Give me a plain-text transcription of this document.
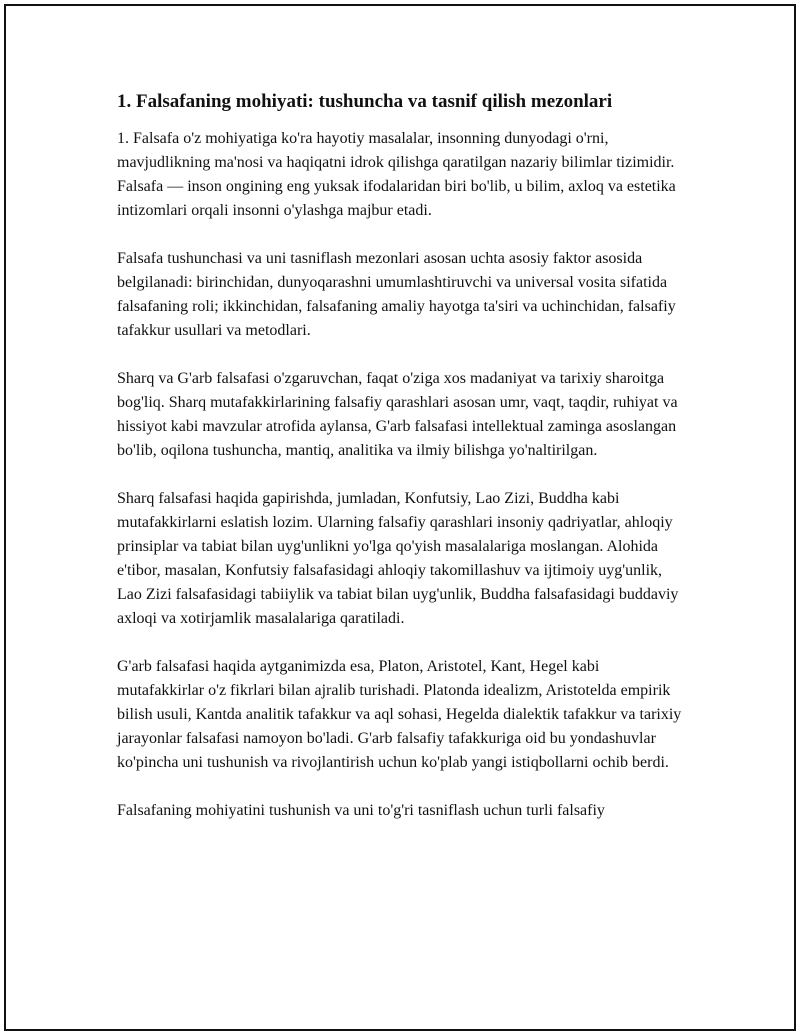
1. Falsafaning mohiyati: tushuncha va tasnif qilish mezonlari

1. Falsafa o'z mohiyatiga ko'ra hayotiy masalalar, insonning dunyodagi o'rni, mavjudlikning ma'nosi va haqiqatni idrok qilishga qaratilgan nazariy bilimlar tizimidir. Falsafa — inson ongining eng yuksak ifodalaridan biri bo'lib, u bilim, axloq va estetika intizomlari orqali insonni o'ylashga majbur etadi.

Falsafa tushunchasi va uni tasniflash mezonlari asosan uchta asosiy faktor asosida belgilanadi: birinchidan, dunyoqarashni umumlashtiruvchi va universal vosita sifatida falsafaning roli; ikkinchidan, falsafaning amaliy hayotga ta'siri va uchinchidan, falsafiy tafakkur usullari va metodlari.

Sharq va G'arb falsafasi o'zgaruvchan, faqat o'ziga xos madaniyat va tarixiy sharoitga bog'liq. Sharq mutafakkirlarining falsafiy qarashlari asosan umr, vaqt, taqdir, ruhiyat va hissiyot kabi mavzular atrofida aylansa, G'arb falsafasi intellektual zaminga asoslangan bo'lib, oqilona tushuncha, mantiq, analitika va ilmiy bilishga yo'naltirilgan.

Sharq falsafasi haqida gapirishda, jumladan, Konfutsiy, Lao Zizi, Buddha kabi mutafakkirlarni eslatish lozim. Ularning falsafiy qarashlari insoniy qadriyatlar, ahloqiy prinsiplar va tabiat bilan uyg'unlikni yo'lga qo'yish masalalariga moslangan. Alohida e'tibor, masalan, Konfutsiy falsafasidagi ahloqiy takomillashuv va ijtimoiy uyg'unlik, Lao Zizi falsafasidagi tabiiylik va tabiat bilan uyg'unlik, Buddha falsafasidagi buddaviy axloqi va xotirjamlik masalalariga qaratiladi.

G'arb falsafasi haqida aytganimizda esa, Platon, Aristotel, Kant, Hegel kabi mutafakkirlar o'z fikrlari bilan ajralib turishadi. Platonda idealizm, Aristotelda empirik bilish usuli, Kantda analitik tafakkur va aql sohasi, Hegelda dialektik tafakkur va tarixiy jarayonlar falsafasi namoyon bo'ladi. G'arb falsafiy tafakkuriga oid bu yondashuvlar ko'pincha uni tushunish va rivojlantirish uchun ko'plab yangi istiqbollarni ochib berdi.

Falsafaning mohiyatini tushunish va uni to'g'ri tasniflash uchun turli falsafiy
